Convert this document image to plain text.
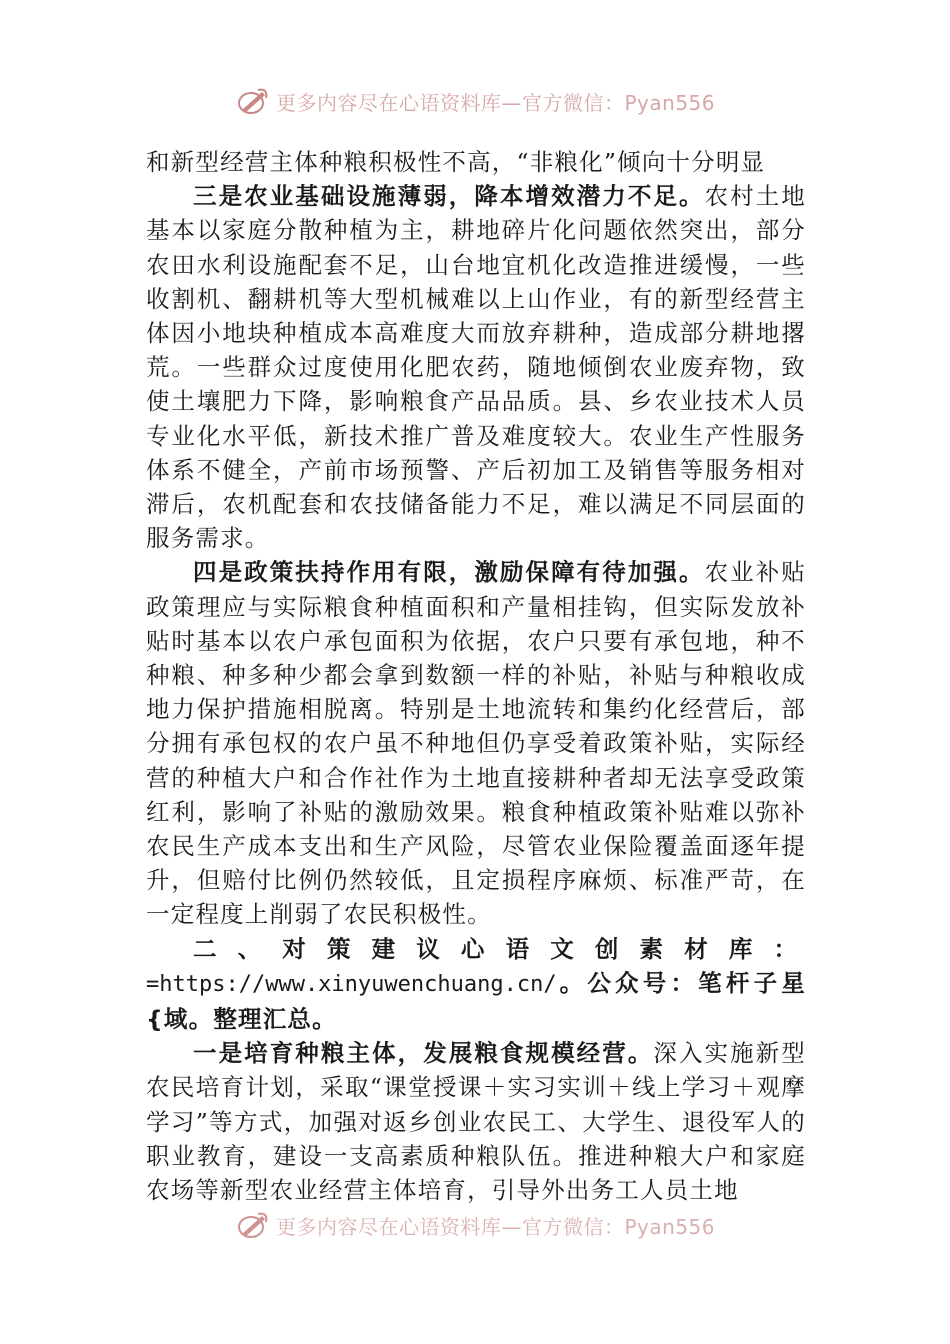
更多内容尽在心语资料库—官方微信：Pyan556

和新型经营主体种粮积极性不高，“非粮化”倾向十分明显

三是农业基础设施薄弱，降本增效潜力不足。农村土地基本以家庭分散种植为主，耕地碎片化问题依然突出，部分农田水利设施配套不足，山台地宜机化改造推进缓慢，一些收割机、翻耕机等大型机械难以上山作业，有的新型经营主体因小地块种植成本高难度大而放弃耕种，造成部分耕地撂荒。一些群众过度使用化肥农药，随地倾倒农业废弃物，致使土壤肥力下降，影响粮食产品品质。县、乡农业技术人员专业化水平低，新技术推广普及难度较大。农业生产性服务体系不健全，产前市场预警、产后初加工及销售等服务相对滞后，农机配套和农技储备能力不足，难以满足不同层面的服务需求。

四是政策扶持作用有限，激励保障有待加强。农业补贴政策理应与实际粮食种植面积和产量相挂钩，但实际发放补贴时基本以农户承包面积为依据，农户只要有承包地，种不种粮、种多种少都会拿到数额一样的补贴，补贴与种粮收成地力保护措施相脱离。特别是土地流转和集约化经营后，部分拥有承包权的农户虽不种地但仍享受着政策补贴，实际经营的种植大户和合作社作为土地直接耕种者却无法享受政策红利，影响了补贴的激励效果。粮食种植政策补贴难以弥补农民生产成本支出和生产风险，尽管农业保险覆盖面逐年提升，但赔付比例仍然较低，且定损程序麻烦、标准严苛，在一定程度上削弱了农民积极性。

二、对策建议心语文创素材库：=https://www.xinyuwenchuang.cn/。公众号：笔杆子星{域。整理汇总。

一是培育种粮主体，发展粮食规模经营。深入实施新型农民培育计划，采取“课堂授课＋实习实训＋线上学习＋观摩学习”等方式，加强对返乡创业农民工、大学生、退役军人的职业教育，建设一支高素质种粮队伍。推进种粮大户和家庭农场等新型农业经营主体培育，引导外出务工人员土地

更多内容尽在心语资料库—官方微信：Pyan556
